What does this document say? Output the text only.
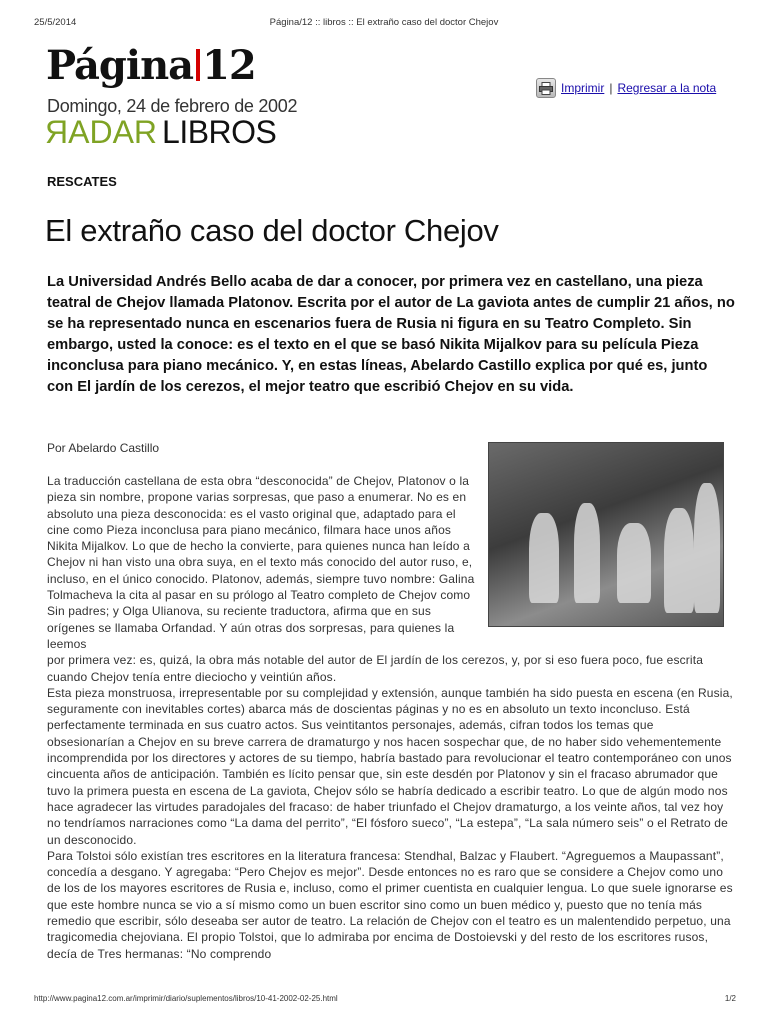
25/5/2014	Página/12 :: libros :: El extraño caso del doctor Chejov
Página 12
Domingo, 24 de febrero de 2002
RADAR LIBROS
Imprimir | Regresar a la nota
RESCATES
El extraño caso del doctor Chejov

La Universidad Andrés Bello acaba de dar a conocer, por primera vez en castellano, una pieza teatral de Chejov llamada Platonov. Escrita por el autor de La gaviota antes de cumplir 21 años, no se ha representado nunca en escenarios fuera de Rusia ni figura en su Teatro Completo. Sin embargo, usted la conoce: es el texto en el que se basó Nikita Mijalkov para su película Pieza inconclusa para piano mecánico. Y, en estas líneas, Abelardo Castillo explica por qué es, junto con El jardín de los cerezos, el mejor teatro que escribió Chejov en su vida.

Por Abelardo Castillo

La traducción castellana de esta obra “desconocida” de Chejov, Platonov o la pieza sin nombre, propone varias sorpresas, que paso a enumerar. No es en absoluto una pieza desconocida: es el vasto original que, adaptado para el cine como Pieza inconclusa para piano mecánico, filmara hace unos años Nikita Mijalkov. Lo que de hecho la convierte, para quienes nunca han leído a Chejov ni han visto una obra suya, en el texto más conocido del autor ruso, e, incluso, en el único conocido. Platonov, además, siempre tuvo nombre: Galina Tolmacheva la cita al pasar en su prólogo al Teatro completo de Chejov como Sin padres; y Olga Ulianova, su reciente traductora, afirma que en sus orígenes se llamaba Orfandad. Y aún otras dos sorpresas, para quienes la leemos

por primera vez: es, quizá, la obra más notable del autor de El jardín de los cerezos, y, por si eso fuera poco, fue escrita cuando Chejov tenía entre dieciocho y veintiún años.

Esta pieza monstruosa, irrepresentable por su complejidad y extensión, aunque también ha sido puesta en escena (en Rusia, seguramente con inevitables cortes) abarca más de doscientas páginas y no es en absoluto un texto inconcluso. Está perfectamente terminada en sus cuatro actos. Sus veintitantos personajes, además, cifran todos los temas que obsesionarían a Chejov en su breve carrera de dramaturgo y nos hacen sospechar que, de no haber sido vehementemente incomprendida por los directores y actores de su tiempo, habría bastado para revolucionar el teatro contemporáneo con unos cincuenta años de anticipación. También es lícito pensar que, sin este desdén por Platonov y sin el fracaso abrumador que tuvo la primera puesta en escena de La gaviota, Chejov sólo se habría dedicado a escribir teatro. Lo que de algún modo nos hace agradecer las virtudes paradojales del fracaso: de haber triunfado el Chejov dramaturgo, a los veinte años, tal vez hoy no tendríamos narraciones como “La dama del perrito”, “El fósforo sueco”, “La estepa”, “La sala número seis” o el Retrato de un desconocido.

Para Tolstoi sólo existían tres escritores en la literatura francesa: Stendhal, Balzac y Flaubert. “Agreguemos a Maupassant”, concedía a desgano. Y agregaba: “Pero Chejov es mejor”. Desde entonces no es raro que se considere a Chejov como uno de los de los mayores escritores de Rusia e, incluso, como el primer cuentista en cualquier lengua. Lo que suele ignorarse es que este hombre nunca se vio a sí mismo como un buen escritor sino como un buen médico y, puesto que no tenía más remedio que escribir, sólo deseaba ser autor de teatro. La relación de Chejov con el teatro es un malentendido perpetuo, una tragicomedia chejoviana. El propio Tolstoi, que lo admiraba por encima de Dostoievski y del resto de los escritores rusos, decía de Tres hermanas: “No comprendo

http://www.pagina12.com.ar/imprimir/diario/suplementos/libros/10-41-2002-02-25.html	1/2
